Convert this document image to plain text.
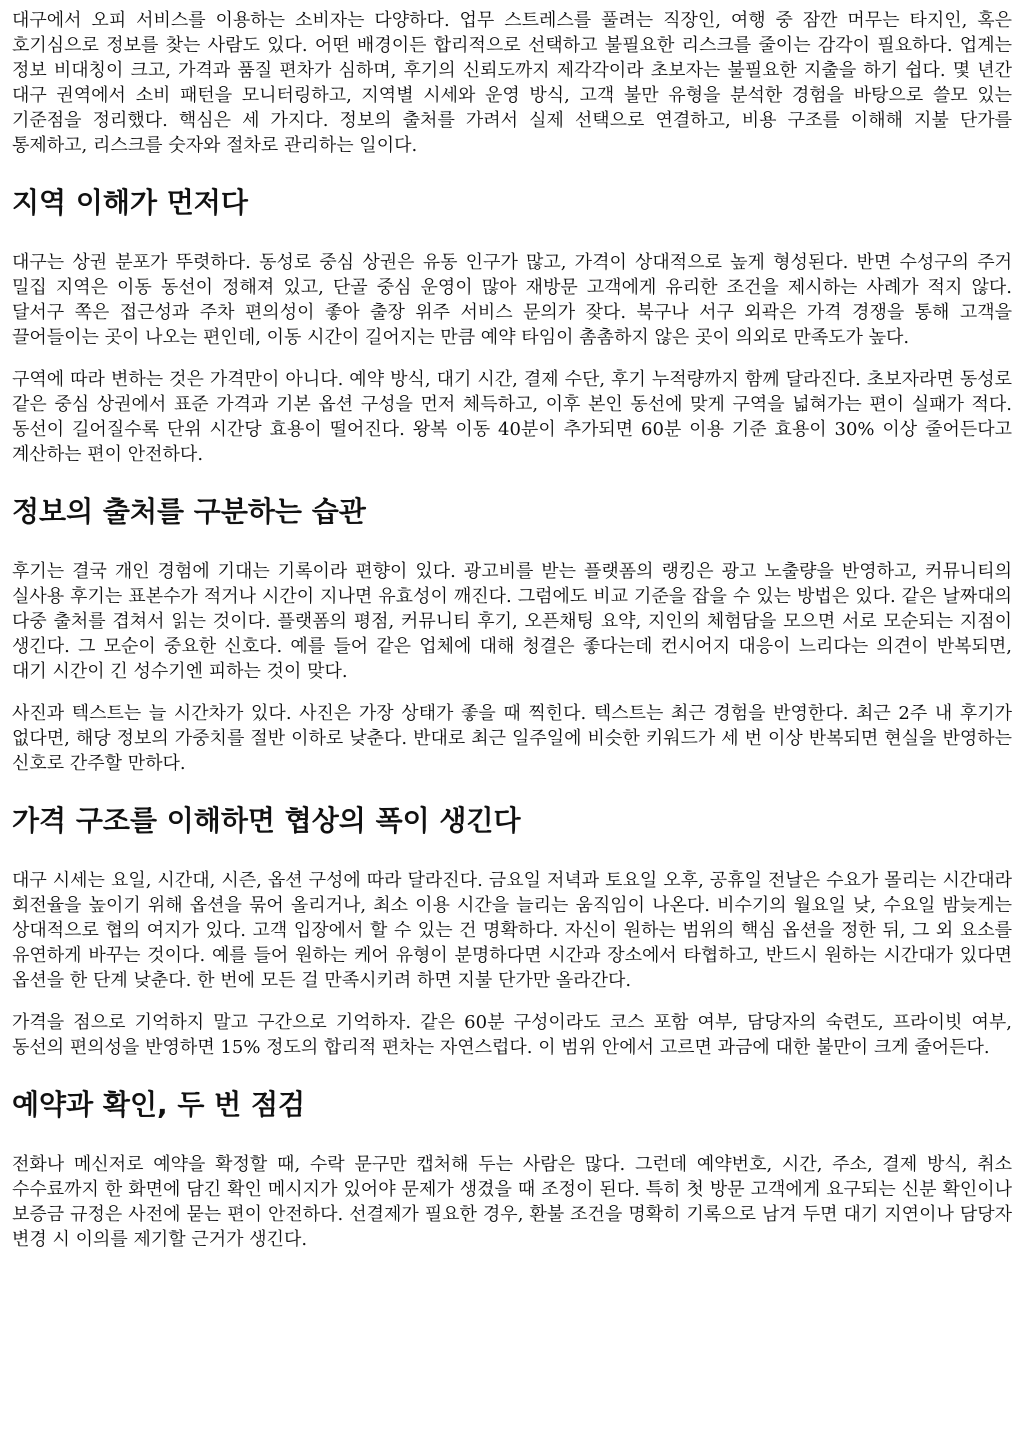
대구에서 오피 서비스를 이용하는 소비자는 다양하다. 업무 스트레스를 풀려는 직장인, 여행 중 잠깐 머무는 타지인, 혹은 호기심으로 정보를 찾는 사람도 있다. 어떤 배경이든 합리적으로 선택하고 불필요한 리스크를 줄이는 감각이 필요하다. 업계는 정보 비대칭이 크고, 가격과 품질 편차가 심하며, 후기의 신뢰도까지 제각각이라 초보자는 불필요한 지출을 하기 쉽다. 몇 년간 대구 권역에서 소비 패턴을 모니터링하고, 지역별 시세와 운영 방식, 고객 불만 유형을 분석한 경험을 바탕으로 쓸모 있는 기준점을 정리했다. 핵심은 세 가지다. 정보의 출처를 가려서 실제 선택으로 연결하고, 비용 구조를 이해해 지불 단가를 통제하고, 리스크를 숫자와 절차로 관리하는 일이다.

지역 이해가 먼저다

대구는 상권 분포가 뚜렷하다. 동성로 중심 상권은 유동 인구가 많고, 가격이 상대적으로 높게 형성된다. 반면 수성구의 주거 밀집 지역은 이동 동선이 정해져 있고, 단골 중심 운영이 많아 재방문 고객에게 유리한 조건을 제시하는 사례가 적지 않다. 달서구 쪽은 접근성과 주차 편의성이 좋아 출장 위주 서비스 문의가 잦다. 북구나 서구 외곽은 가격 경쟁을 통해 고객을 끌어들이는 곳이 나오는 편인데, 이동 시간이 길어지는 만큼 예약 타임이 촘촘하지 않은 곳이 의외로 만족도가 높다.

구역에 따라 변하는 것은 가격만이 아니다. 예약 방식, 대기 시간, 결제 수단, 후기 누적량까지 함께 달라진다. 초보자라면 동성로 같은 중심 상권에서 표준 가격과 기본 옵션 구성을 먼저 체득하고, 이후 본인 동선에 맞게 구역을 넓혀가는 편이 실패가 적다. 동선이 길어질수록 단위 시간당 효용이 떨어진다. 왕복 이동 40분이 추가되면 60분 이용 기준 효용이 30% 이상 줄어든다고 계산하는 편이 안전하다.

정보의 출처를 구분하는 습관

후기는 결국 개인 경험에 기대는 기록이라 편향이 있다. 광고비를 받는 플랫폼의 랭킹은 광고 노출량을 반영하고, 커뮤니티의 실사용 후기는 표본수가 적거나 시간이 지나면 유효성이 깨진다. 그럼에도 비교 기준을 잡을 수 있는 방법은 있다. 같은 날짜대의 다중 출처를 겹쳐서 읽는 것이다. 플랫폼의 평점, 커뮤니티 후기, 오픈채팅 요약, 지인의 체험담을 모으면 서로 모순되는 지점이 생긴다. 그 모순이 중요한 신호다. 예를 들어 같은 업체에 대해 청결은 좋다는데 컨시어지 대응이 느리다는 의견이 반복되면, 대기 시간이 긴 성수기엔 피하는 것이 맞다.

사진과 텍스트는 늘 시간차가 있다. 사진은 가장 상태가 좋을 때 찍힌다. 텍스트는 최근 경험을 반영한다. 최근 2주 내 후기가 없다면, 해당 정보의 가중치를 절반 이하로 낮춘다. 반대로 최근 일주일에 비슷한 키워드가 세 번 이상 반복되면 현실을 반영하는 신호로 간주할 만하다.

가격 구조를 이해하면 협상의 폭이 생긴다

대구 시세는 요일, 시간대, 시즌, 옵션 구성에 따라 달라진다. 금요일 저녁과 토요일 오후, 공휴일 전날은 수요가 몰리는 시간대라 회전율을 높이기 위해 옵션을 묶어 올리거나, 최소 이용 시간을 늘리는 움직임이 나온다. 비수기의 월요일 낮, 수요일 밤늦게는 상대적으로 협의 여지가 있다. 고객 입장에서 할 수 있는 건 명확하다. 자신이 원하는 범위의 핵심 옵션을 정한 뒤, 그 외 요소를 유연하게 바꾸는 것이다. 예를 들어 원하는 케어 유형이 분명하다면 시간과 장소에서 타협하고, 반드시 원하는 시간대가 있다면 옵션을 한 단계 낮춘다. 한 번에 모든 걸 만족시키려 하면 지불 단가만 올라간다.

가격을 점으로 기억하지 말고 구간으로 기억하자. 같은 60분 구성이라도 코스 포함 여부, 담당자의 숙련도, 프라이빗 여부, 동선의 편의성을 반영하면 15% 정도의 합리적 편차는 자연스럽다. 이 범위 안에서 고르면 과금에 대한 불만이 크게 줄어든다.

예약과 확인, 두 번 점검

전화나 메신저로 예약을 확정할 때, 수락 문구만 캡처해 두는 사람은 많다. 그런데 예약번호, 시간, 주소, 결제 방식, 취소 수수료까지 한 화면에 담긴 확인 메시지가 있어야 문제가 생겼을 때 조정이 된다. 특히 첫 방문 고객에게 요구되는 신분 확인이나 보증금 규정은 사전에 묻는 편이 안전하다. 선결제가 필요한 경우, 환불 조건을 명확히 기록으로 남겨 두면 대기 지연이나 담당자 변경 시 이의를 제기할 근거가 생긴다.
